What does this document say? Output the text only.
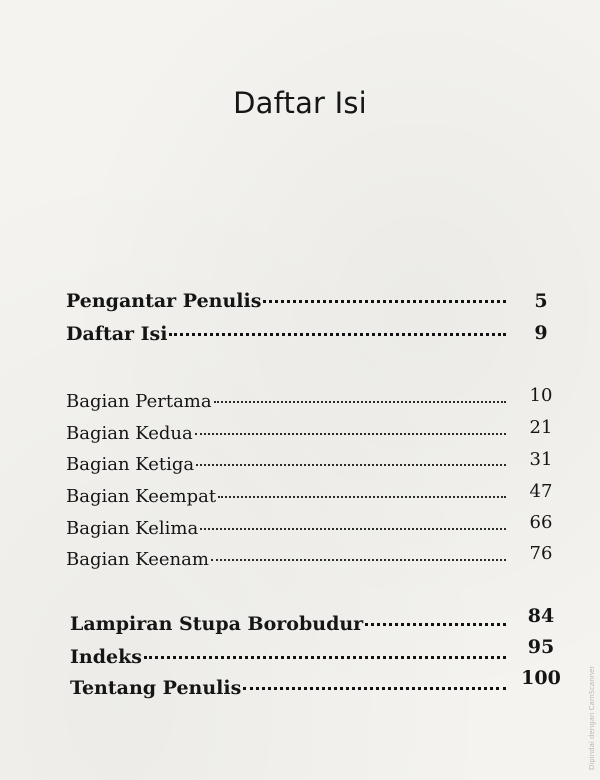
Daftar Isi
Pengantar Penulis	5
Daftar Isi	9
Bagian Pertama	10
Bagian Kedua	21
Bagian Ketiga	31
Bagian Keempat	47
Bagian Kelima	66
Bagian Keenam	76
Lampiran Stupa Borobudur	84
Indeks	95
Tentang Penulis	100	Dipindai dengan CamScanner
